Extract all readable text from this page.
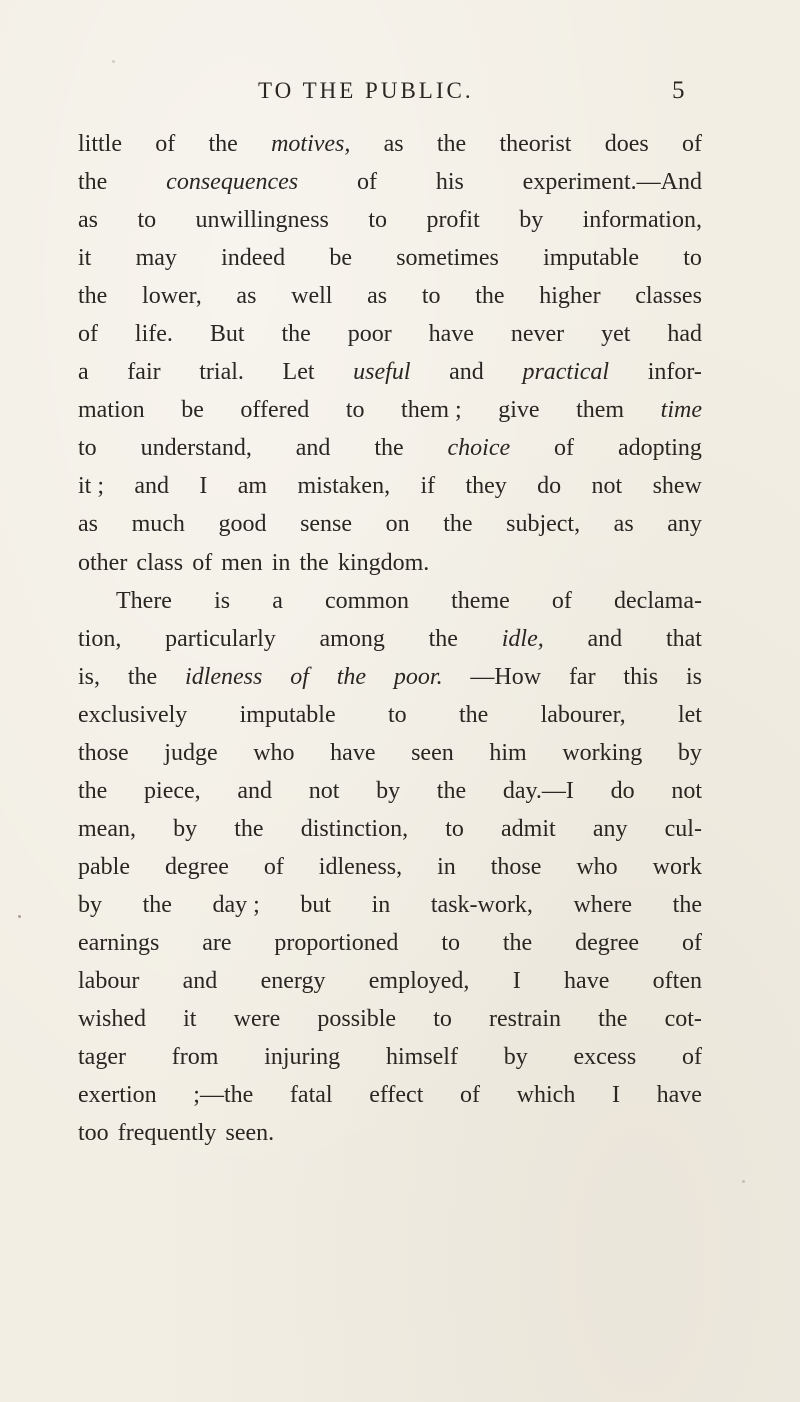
TO THE PUBLIC.	5
little of the motives, as the theorist does of
the consequences of his experiment.—And
as to unwillingness to profit by information,
it may indeed be sometimes imputable to
the lower, as well as to the higher classes
of life. But the poor have never yet had
a fair trial. Let useful and practical infor-
mation be offered to them ; give them time
to understand, and the choice of adopting
it ; and I am mistaken, if they do not shew
as much good sense on the subject, as any
other class of men in the kingdom.
There is a common theme of declama-
tion, particularly among the idle, and that
is, the idleness of the poor. —How far this is
exclusively imputable to the labourer, let
those judge who have seen him working by
the piece, and not by the day.—I do not
mean, by the distinction, to admit any cul-
pable degree of idleness, in those who work
by the day ; but in task-work, where the
earnings are proportioned to the degree of
labour and energy employed, I have often
wished it were possible to restrain the cot-
tager from injuring himself by excess of
exertion ;—the fatal effect of which I have
too frequently seen.
